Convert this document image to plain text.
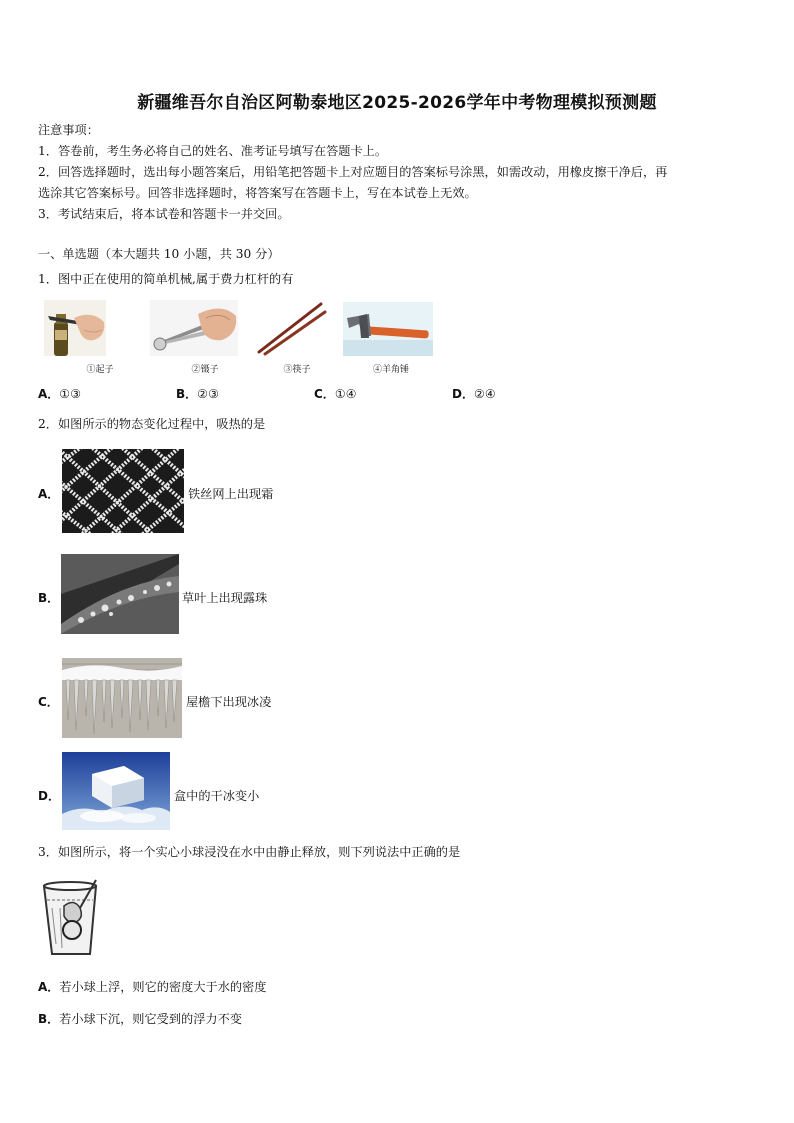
新疆维吾尔自治区阿勒泰地区2025-2026学年中考物理模拟预测题
注意事项：
1．答卷前，考生务必将自己的姓名、准考证号填写在答题卡上。
2．回答选择题时，选出每小题答案后，用铅笔把答题卡上对应题目的答案标号涂黑，如需改动，用橡皮擦干净后，再
选涂其它答案标号。回答非选择题时，将答案写在答题卡上，写在本试卷上无效。
3．考试结束后，将本试卷和答题卡一并交回。
一、单选题（本大题共 10 小题，共 30 分）
1．图中正在使用的简单机械,属于费力杠杆的有
①起子	②镊子	③筷子	④羊角锤
A．①③	B．②③	C．①④	D．②④
2．如图所示的物态变化过程中，吸热的是
A．	铁丝网上出现霜
B．	草叶上出现露珠
C．	屋檐下出现冰凌
D．	盒中的干冰变小
3．如图所示，将一个实心小球浸没在水中由静止释放，则下列说法中正确的是
A．若小球上浮，则它的密度大于水的密度
B．若小球下沉，则它受到的浮力不变
